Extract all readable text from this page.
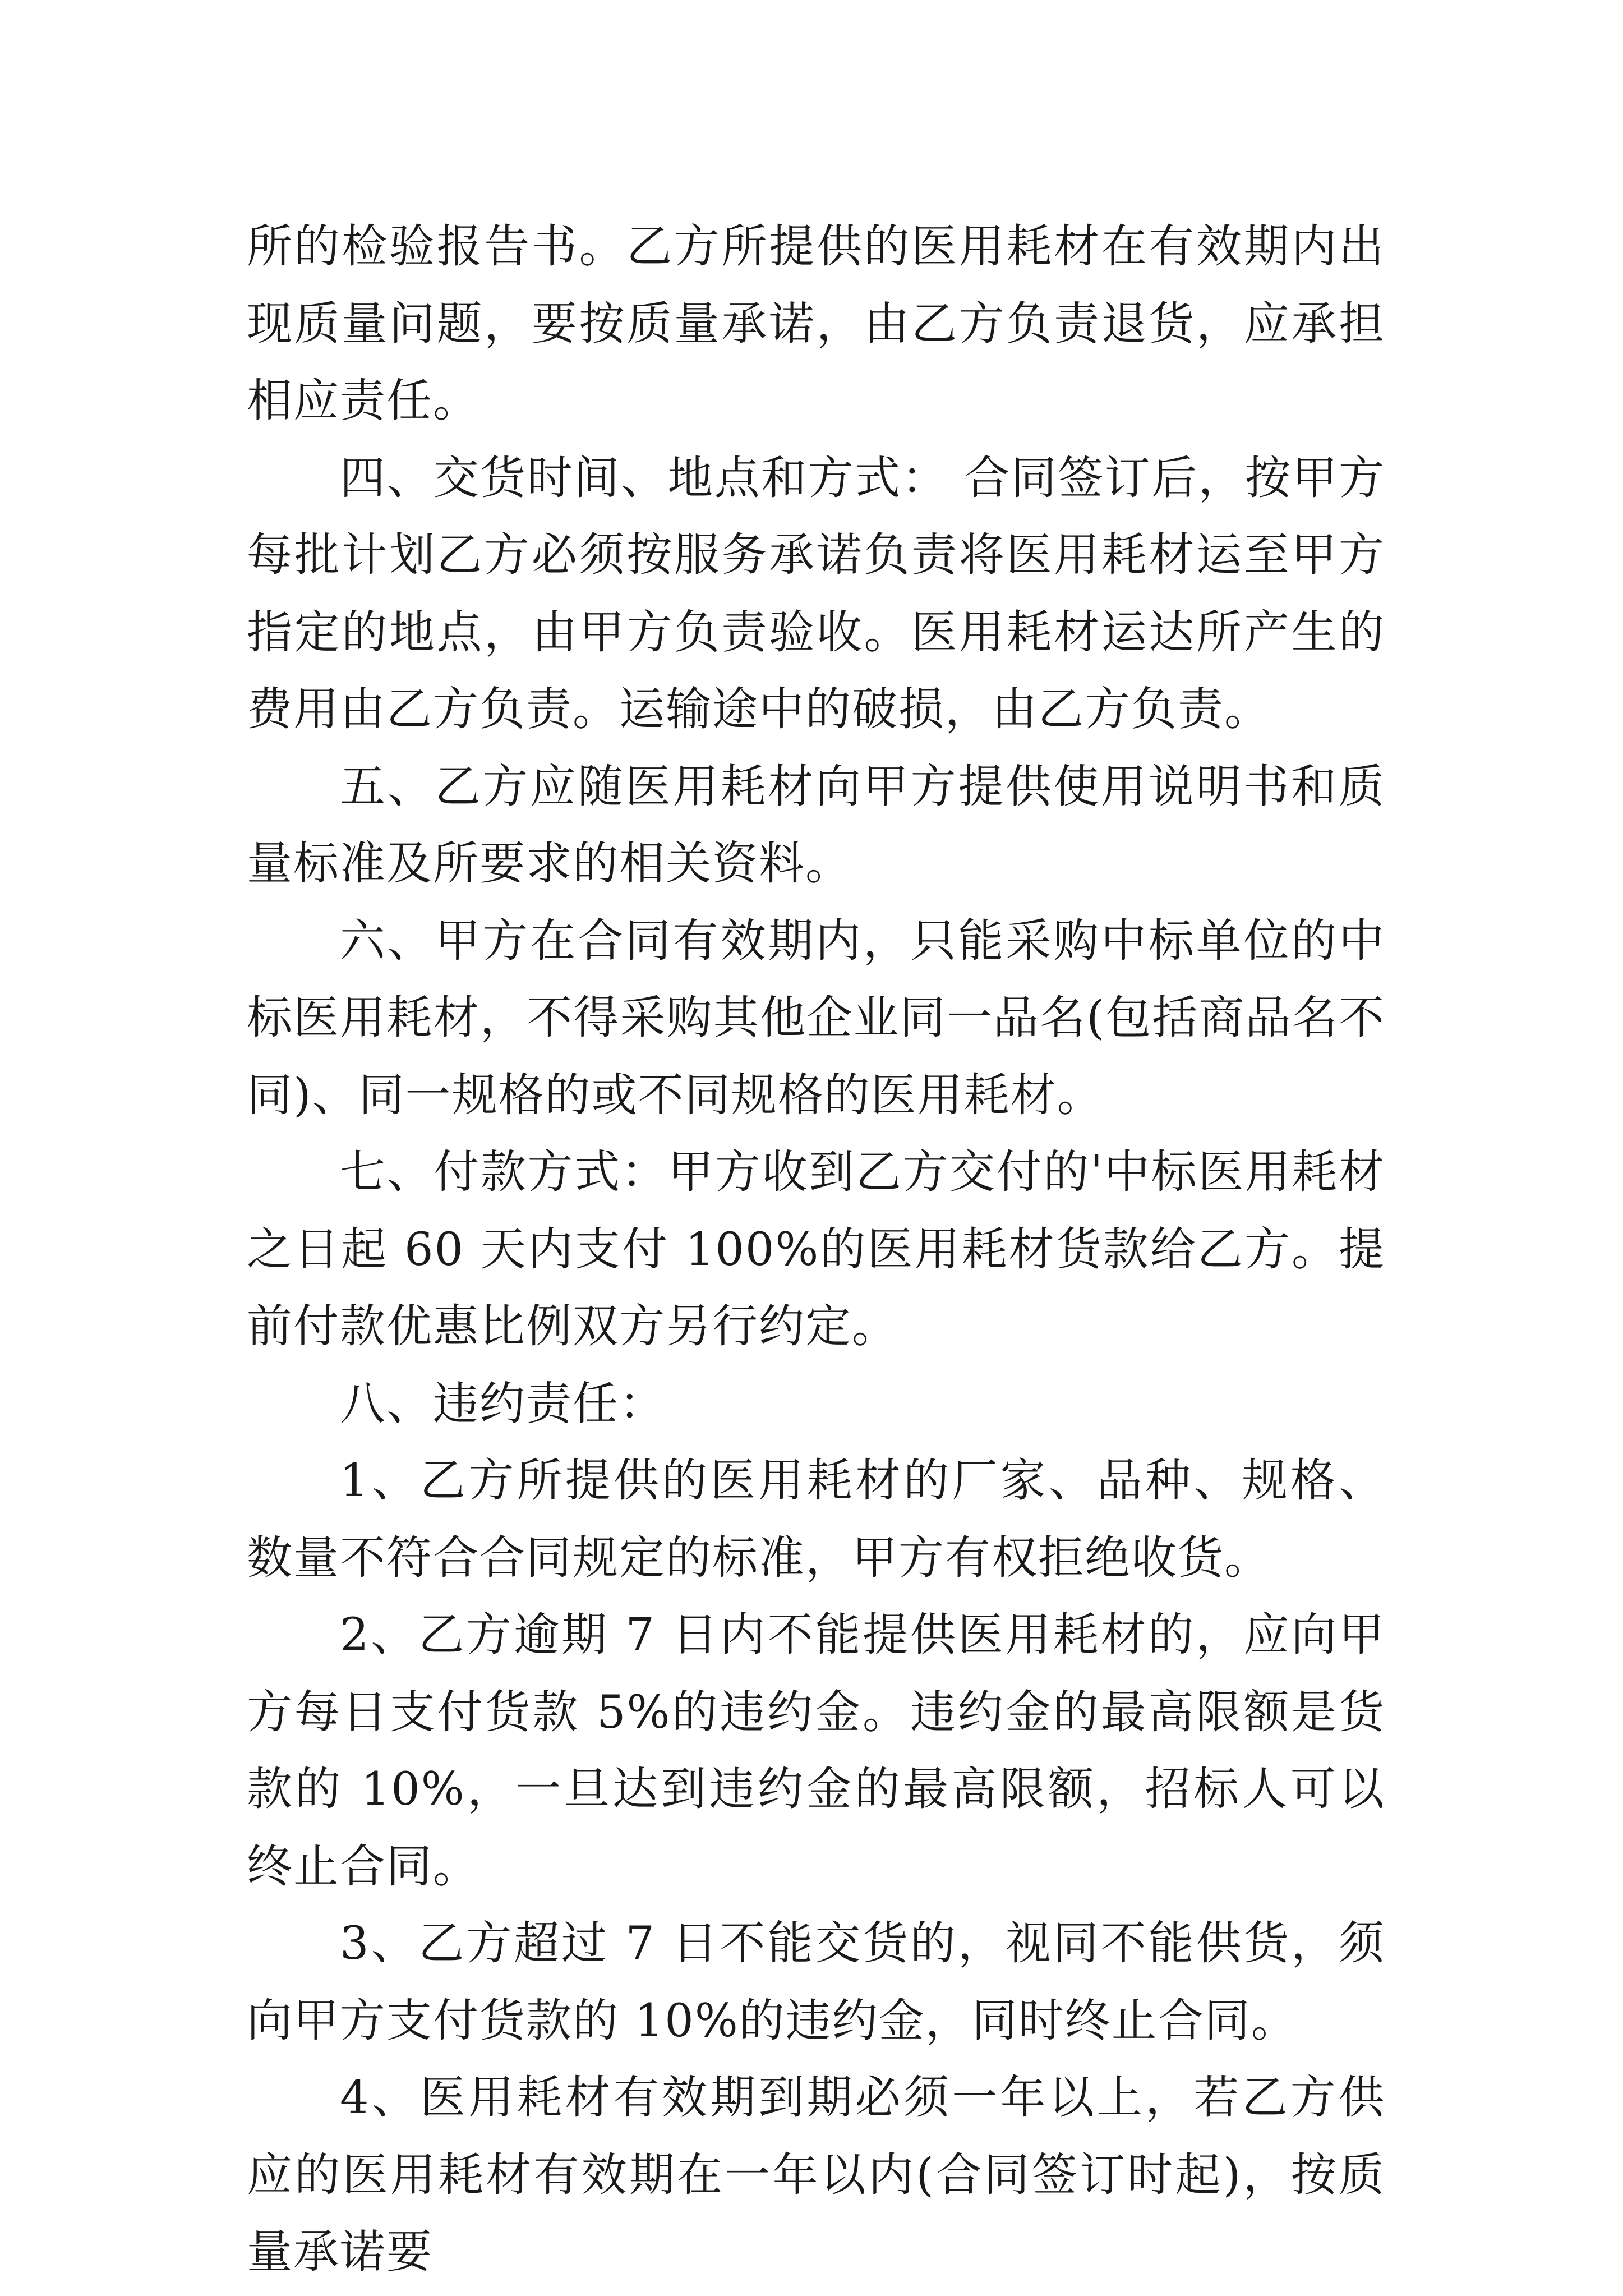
所的检验报告书。乙方所提供的医用耗材在有效期内出现质量问题，要按质量承诺，由乙方负责退货，应承担相应责任。

四、交货时间、地点和方式： 合同签订后，按甲方每批计划乙方必须按服务承诺负责将医用耗材运至甲方指定的地点，由甲方负责验收。医用耗材运达所产生的费用由乙方负责。运输途中的破损，由乙方负责。

五、乙方应随医用耗材向甲方提供使用说明书和质量标准及所要求的相关资料。

六、甲方在合同有效期内，只能采购中标单位的中标医用耗材，不得采购其他企业同一品名(包括商品名不同)、同一规格的或不同规格的医用耗材。

七、付款方式：甲方收到乙方交付的'中标医用耗材之日起 60 天内支付 100%的医用耗材货款给乙方。提前付款优惠比例双方另行约定。

八、违约责任：

1、乙方所提供的医用耗材的厂家、品种、规格、数量不符合合同规定的标准，甲方有权拒绝收货。

2、乙方逾期 7 日内不能提供医用耗材的，应向甲方每日支付货款 5%的违约金。违约金的最高限额是货款的 10%，一旦达到违约金的最高限额，招标人可以终止合同。

3、乙方超过 7 日不能交货的，视同不能供货，须向甲方支付货款的 10%的违约金，同时终止合同。

4、医用耗材有效期到期必须一年以上，若乙方供应的医用耗材有效期在一年以内(合同签订时起)，按质量承诺要
